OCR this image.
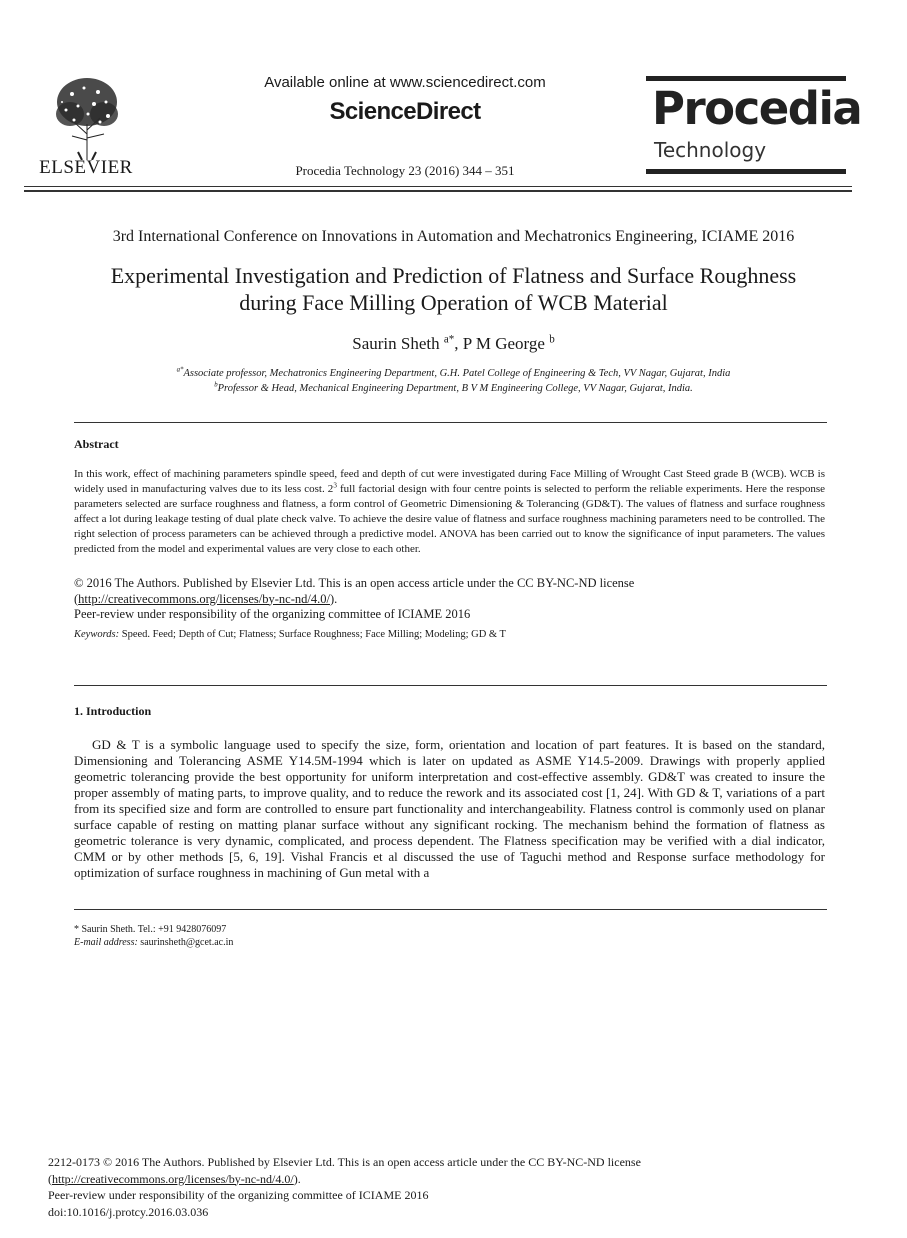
ELSEVIER
Available online at www.sciencedirect.com
ScienceDirect
Procedia Technology 23 (2016) 344 – 351
Procedia
Technology
3rd International Conference on Innovations in Automation and Mechatronics Engineering, ICIAME 2016
Experimental Investigation and Prediction of Flatness and Surface Roughness
during Face Milling Operation of WCB Material
Saurin Sheth $^{a*}$, P M George $^b$
$^{a*}$Associate professor, Mechatronics Engineering Department, G.H. Patel College of Engineering & Tech, VV Nagar, Gujarat, India
$^b$Professor & Head, Mechanical Engineering Department, B V M Engineering College, VV Nagar, Gujarat, India.
Abstract
In this work, effect of machining parameters spindle speed, feed and depth of cut were investigated during Face Milling of Wrought Cast Steed grade B (WCB). WCB is widely used in manufacturing valves due to its less cost. $2^3$ full factorial design with four centre points is selected to perform the reliable experiments. Here the response parameters selected are surface roughness and flatness, a form control of Geometric Dimensioning & Tolerancing (GD&T). The values of flatness and surface roughness affect a lot during leakage testing of dual plate check valve. To achieve the desire value of flatness and surface roughness machining parameters need to be controlled. The right selection of process parameters can be achieved through a predictive model. ANOVA has been carried out to know the significance of input parameters. The values predicted from the model and experimental values are very close to each other.
© 2016 The Authors. Published by Elsevier Ltd. This is an open access article under the CC BY-NC-ND license
(http://creativecommons.org/licenses/by-nc-nd/4.0/).
Peer-review under responsibility of the organizing committee of ICIAME 2016
Keywords: Speed. Feed; Depth of Cut; Flatness; Surface Roughness; Face Milling; Modeling; GD & T
1. Introduction
GD & T is a symbolic language used to specify the size, form, orientation and location of part features. It is based on the standard, Dimensioning and Tolerancing ASME Y14.5M-1994 which is later on updated as ASME Y14.5-2009. Drawings with properly applied geometric tolerancing provide the best opportunity for uniform interpretation and cost-effective assembly. GD&T was created to insure the proper assembly of mating parts, to improve quality, and to reduce the rework and its associated cost [1, 24]. With GD & T, variations of a part from its specified size and form are controlled to ensure part functionality and interchangeability. Flatness control is commonly used on planar surface capable of resting on matting planar surface without any significant rocking. The mechanism behind the formation of flatness as geometric tolerance is very dynamic, complicated, and process dependent. The Flatness specification may be verified with a dial indicator, CMM or by other methods [5, 6, 19]. Vishal Francis et al discussed the use of Taguchi method and Response surface methodology for optimization of surface roughness in machining of Gun metal with a
* Saurin Sheth. Tel.: +91 9428076097
E-mail address: saurinsheth@gcet.ac.in
2212-0173 © 2016 The Authors. Published by Elsevier Ltd. This is an open access article under the CC BY-NC-ND license
(http://creativecommons.org/licenses/by-nc-nd/4.0/).
Peer-review under responsibility of the organizing committee of ICIAME 2016
doi:10.1016/j.protcy.2016.03.036
